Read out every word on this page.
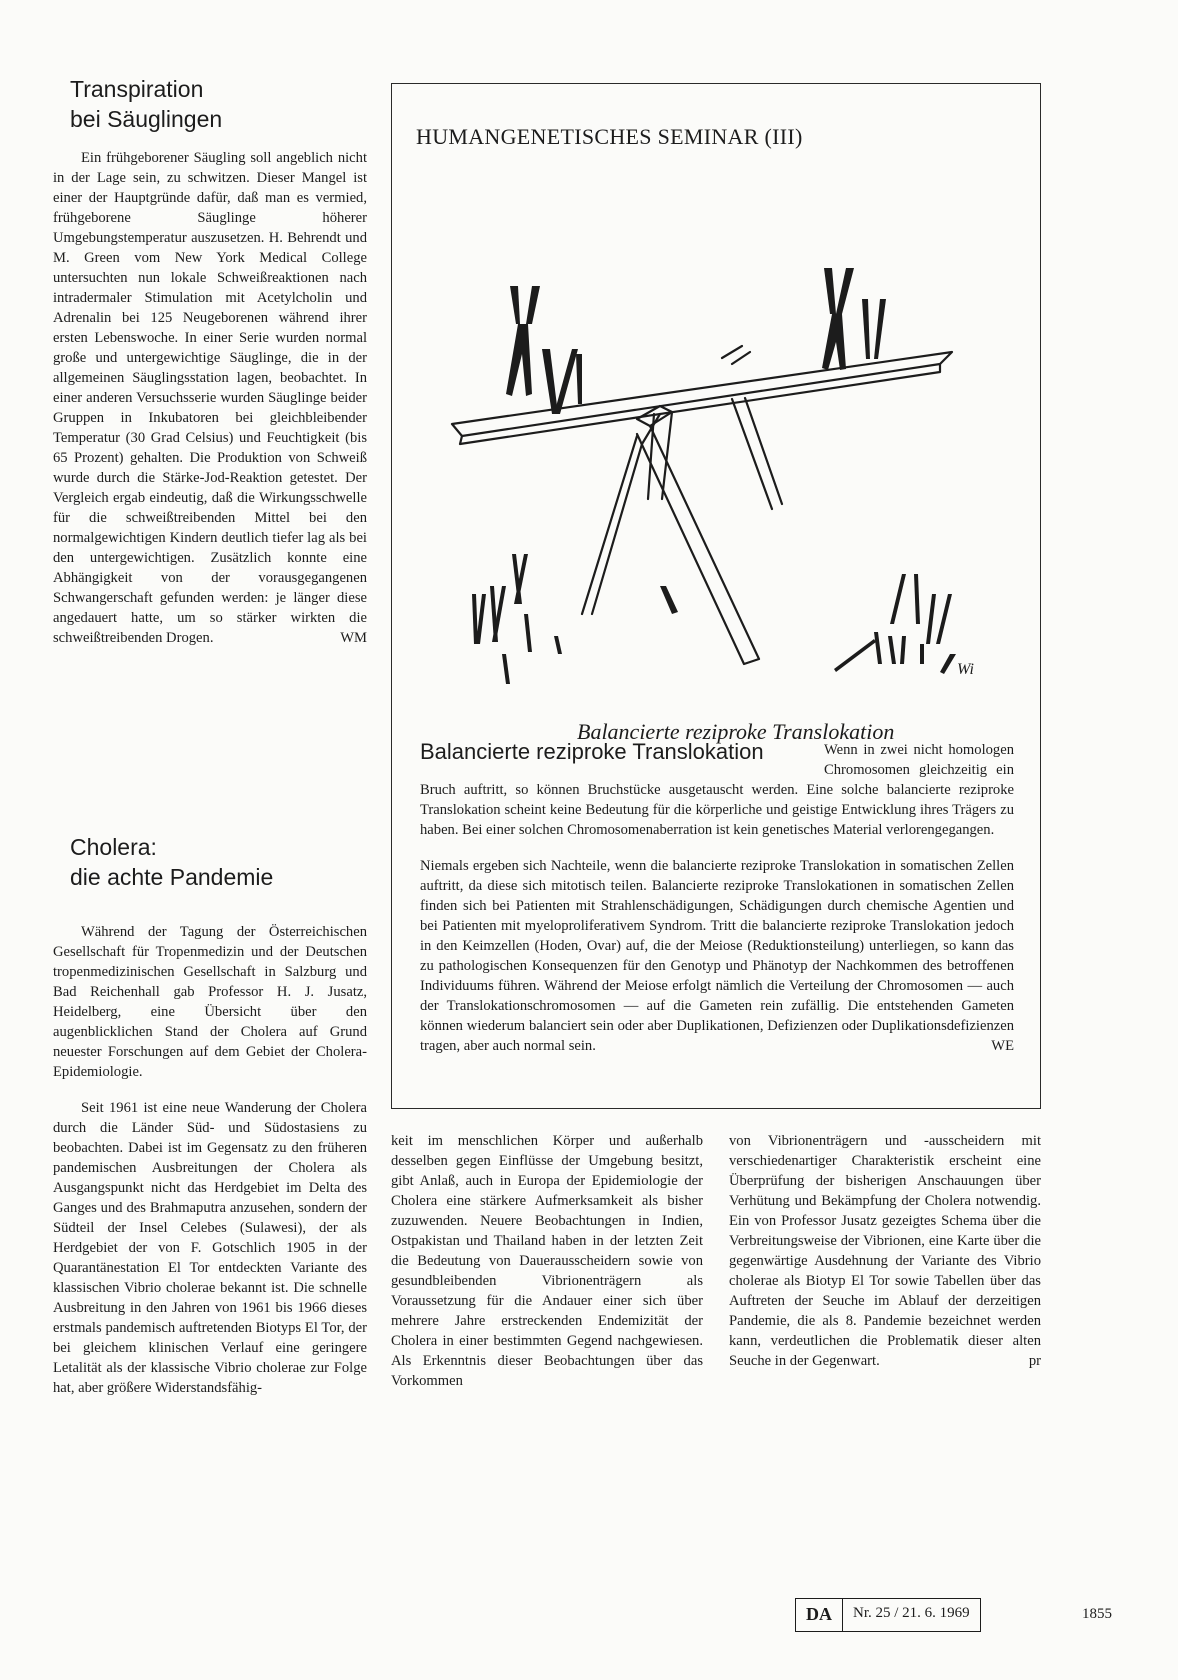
Transpiration
bei Säuglingen

Ein frühgeborener Säugling soll angeblich nicht in der Lage sein, zu schwitzen. Dieser Mangel ist einer der Hauptgründe dafür, daß man es vermied, frühgeborene Säuglinge höherer Umgebungstemperatur auszusetzen. H. Behrendt und M. Green vom New York Medical College untersuchten nun lokale Schweißreaktionen nach intradermaler Stimulation mit Acetylcholin und Adrenalin bei 125 Neugeborenen während ihrer ersten Lebenswoche. In einer Serie wurden normal große und untergewichtige Säuglinge, die in der allgemeinen Säuglingsstation lagen, beobachtet. In einer anderen Versuchsserie wurden Säuglinge beider Gruppen in Inkubatoren bei gleichbleibender Temperatur (30 Grad Celsius) und Feuchtigkeit (bis 65 Prozent) gehalten. Die Produktion von Schweiß wurde durch die Stärke-Jod-Reaktion getestet. Der Vergleich ergab eindeutig, daß die Wirkungsschwelle für die schweißtreibenden Mittel bei den normalgewichtigen Kindern deutlich tiefer lag als bei den untergewichtigen. Zusätzlich konnte eine Abhängigkeit von der vorausgegangenen Schwangerschaft gefunden werden: je länger diese angedauert hatte, um so stärker wirkten die schweißtreibenden Drogen.	WM

Cholera:
die achte Pandemie

Während der Tagung der Österreichischen Gesellschaft für Tropenmedizin und der Deutschen tropenmedizinischen Gesellschaft in Salzburg und Bad Reichenhall gab Professor H. J. Jusatz, Heidelberg, eine Übersicht über den augenblicklichen Stand der Cholera auf Grund neuester Forschungen auf dem Gebiet der Cholera-Epidemiologie.

Seit 1961 ist eine neue Wanderung der Cholera durch die Länder Süd- und Südostasiens zu beobachten. Dabei ist im Gegensatz zu den früheren pandemischen Ausbreitungen der Cholera als Ausgangspunkt nicht das Herdgebiet im Delta des Ganges und des Brahmaputra anzusehen, sondern der Südteil der Insel Celebes (Sulawesi), der als Herdgebiet der von F. Gotschlich 1905 in der Quarantänestation El Tor entdeckten Variante des klassischen Vibrio cholerae bekannt ist. Die schnelle Ausbreitung in den Jahren von 1961 bis 1966 dieses erstmals pandemisch auftretenden Biotyps El Tor, der bei gleichem klinischen Verlauf eine geringere Letalität als der klassische Vibrio cholerae zur Folge hat, aber größere Widerstandsfähig-

keit im menschlichen Körper und außerhalb desselben gegen Einflüsse der Umgebung besitzt, gibt Anlaß, auch in Europa der Epidemiologie der Cholera eine stärkere Aufmerksamkeit als bisher zuzuwenden. Neuere Beobachtungen in Indien, Ostpakistan und Thailand haben in der letzten Zeit die Bedeutung von Dauerausscheidern sowie von gesundbleibenden Vibrionenträgern als Voraussetzung für die Andauer einer sich über mehrere Jahre erstreckenden Endemizität der Cholera in einer bestimmten Gegend nachgewiesen. Als Erkenntnis dieser Beobachtungen über das Vorkommen

von Vibrionenträgern und -ausscheidern mit verschiedenartiger Charakteristik erscheint eine Überprüfung der bisherigen Anschauungen über Verhütung und Bekämpfung der Cholera notwendig. Ein von Professor Jusatz gezeigtes Schema über die Verbreitungsweise der Vibrionen, eine Karte über die gegenwärtige Ausdehnung der Variante des Vibrio cholerae als Biotyp El Tor sowie Tabellen über das Auftreten der Seuche im Ablauf der derzeitigen Pandemie, die als 8. Pandemie bezeichnet werden kann, verdeutlichen die Problematik dieser alten Seuche in der Gegenwart.	pr

HUMANGENETISCHES SEMINAR (III)
Wi
Balancierte reziproke Translokation

Wenn in zwei nicht homologen Chromosomen gleichzeitig ein Bruch auftritt, so können Bruchstücke ausgetauscht werden. Eine solche balancierte reziproke Translokation scheint keine Bedeutung für die körperliche und geistige Entwicklung ihres Trägers zu haben. Bei einer solchen Chromosomenaberration ist kein genetisches Material verlorengegangen.

Niemals ergeben sich Nachteile, wenn die balancierte reziproke Translokation in somatischen Zellen auftritt, da diese sich mitotisch teilen. Balancierte reziproke Translokationen in somatischen Zellen finden sich bei Patienten mit Strahlenschädigungen, Schädigungen durch chemische Agentien und bei Patienten mit myeloproliferativem Syndrom. Tritt die balancierte reziproke Translokation jedoch in den Keimzellen (Hoden, Ovar) auf, die der Meiose (Reduktionsteilung) unterliegen, so kann das zu pathologischen Konsequenzen für den Genotyp und Phänotyp der Nachkommen des betroffenen Individuums führen. Während der Meiose erfolgt nämlich die Verteilung der Chromosomen — auch der Translokationschromosomen — auf die Gameten rein zufällig. Die entstehenden Gameten können wiederum balanciert sein oder aber Duplikationen, Defizienzen oder Duplikationsdefizienzen tragen, aber auch normal sein.	WE

Balancierte reziproke Translokation
DA	Nr. 25 / 21. 6. 1969	1855
